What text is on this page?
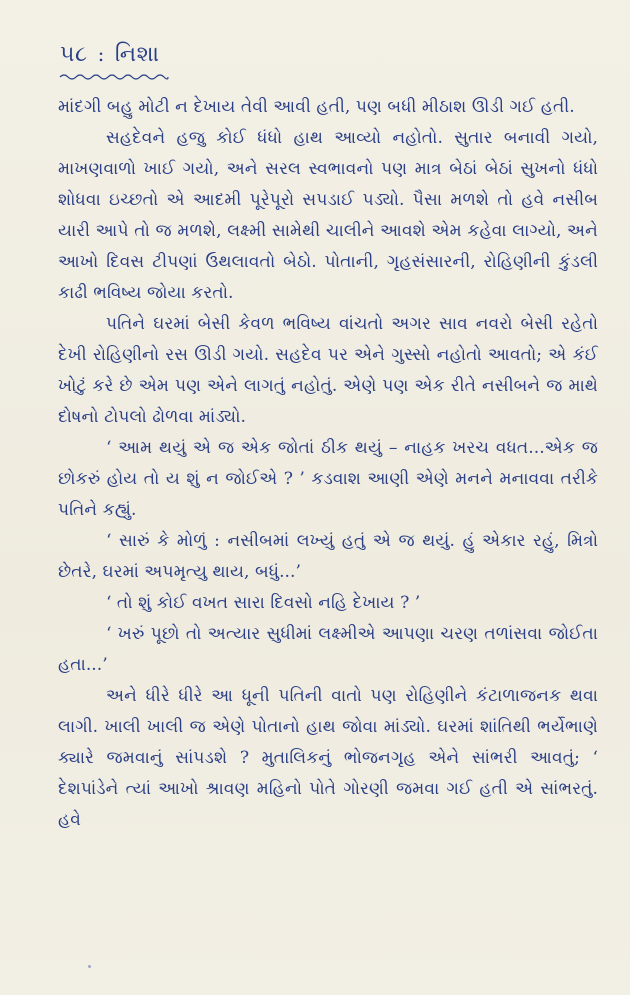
૫૮ : નિશા

માંદગી બહુ મોટી ન દેખાય તેવી આવી હતી, પણ બધી મીઠાશ ઊડી ગઈ હતી.

સહદેવને હજુ કોઈ ધંધો હાથ આવ્યો નહોતો. સુતાર બનાવી ગયો, માખણવાળો ખાઈ ગયો, અને સરલ સ્વભાવનો પણ માત્ર બેઠાં બેઠાં સુખનો ધંધો શોધવા ઇચ્છતો એ આદમી પૂરેપૂરો સપડાઈ પડ્યો. પૈસા મળશે તો હવે નસીબ યારી આપે તો જ મળશે, લક્ષ્મી સામેથી ચાલીને આવશે એમ કહેવા લાગ્યો, અને આખો દિવસ ટીપણાં ઉથલાવતો બેઠો. પોતાની, ગૃહસંસારની, રોહિણીની કુંડલી કાઢી ભવિષ્ય જોયા કરતો.

પતિને ઘરમાં બેસી કેવળ ભવિષ્ય વાંચતો અગર સાવ નવરો બેસી રહેતો દેખી રોહિણીનો રસ ઊડી ગયો. સહદેવ પર એને ગુસ્સો નહોતો આવતો; એ કંઈ ખોટું કરે છે એમ પણ એને લાગતું નહોતું. એણે પણ એક રીતે નસીબને જ માથે દોષનો ટોપલો ઢોળવા માંડ્યો.

‘ આમ થયું એ જ એક જોતાં ઠીક થયું – નાહક ખરચ વધત...એક જ છોકરું હોય તો ય શું ન જોઈએ ? ’ કડવાશ આણી એણે મનને મનાવવા તરીકે પતિને કહ્યું.

‘ સારું કે મોળું : નસીબમાં લખ્યું હતું એ જ થયું. હું એકાર રહું, મિત્રો છેતરે, ઘરમાં અપમૃત્યુ થાય, બધું...’

‘ તો શું કોઈ વખત સારા દિવસો નહિ દેખાય ? ’

‘ ખરું પૂછો તો અત્યાર સુધીમાં લક્ષ્મીએ આપણા ચરણ તળાંસવા જોઈતા હતા...’

અને ધીરે ધીરે આ ધૂની પતિની વાતો પણ રોહિણીને કંટાળાજનક થવા લાગી. ખાલી ખાલી જ એણે પોતાનો હાથ જોવા માંડ્યો. ઘરમાં શાંતિથી ભર્યેભાણે ક્યારે જમવાનું સાંપડશે ? મુતાલિકનું ભોજનગૃહ એને સાંભરી આવતું; ‘ દેશપાંડેને ત્યાં આખો શ્રાવણ મહિનો પોતે ગોરણી જમવા ગઈ હતી એ સાંભરતું. હવે
